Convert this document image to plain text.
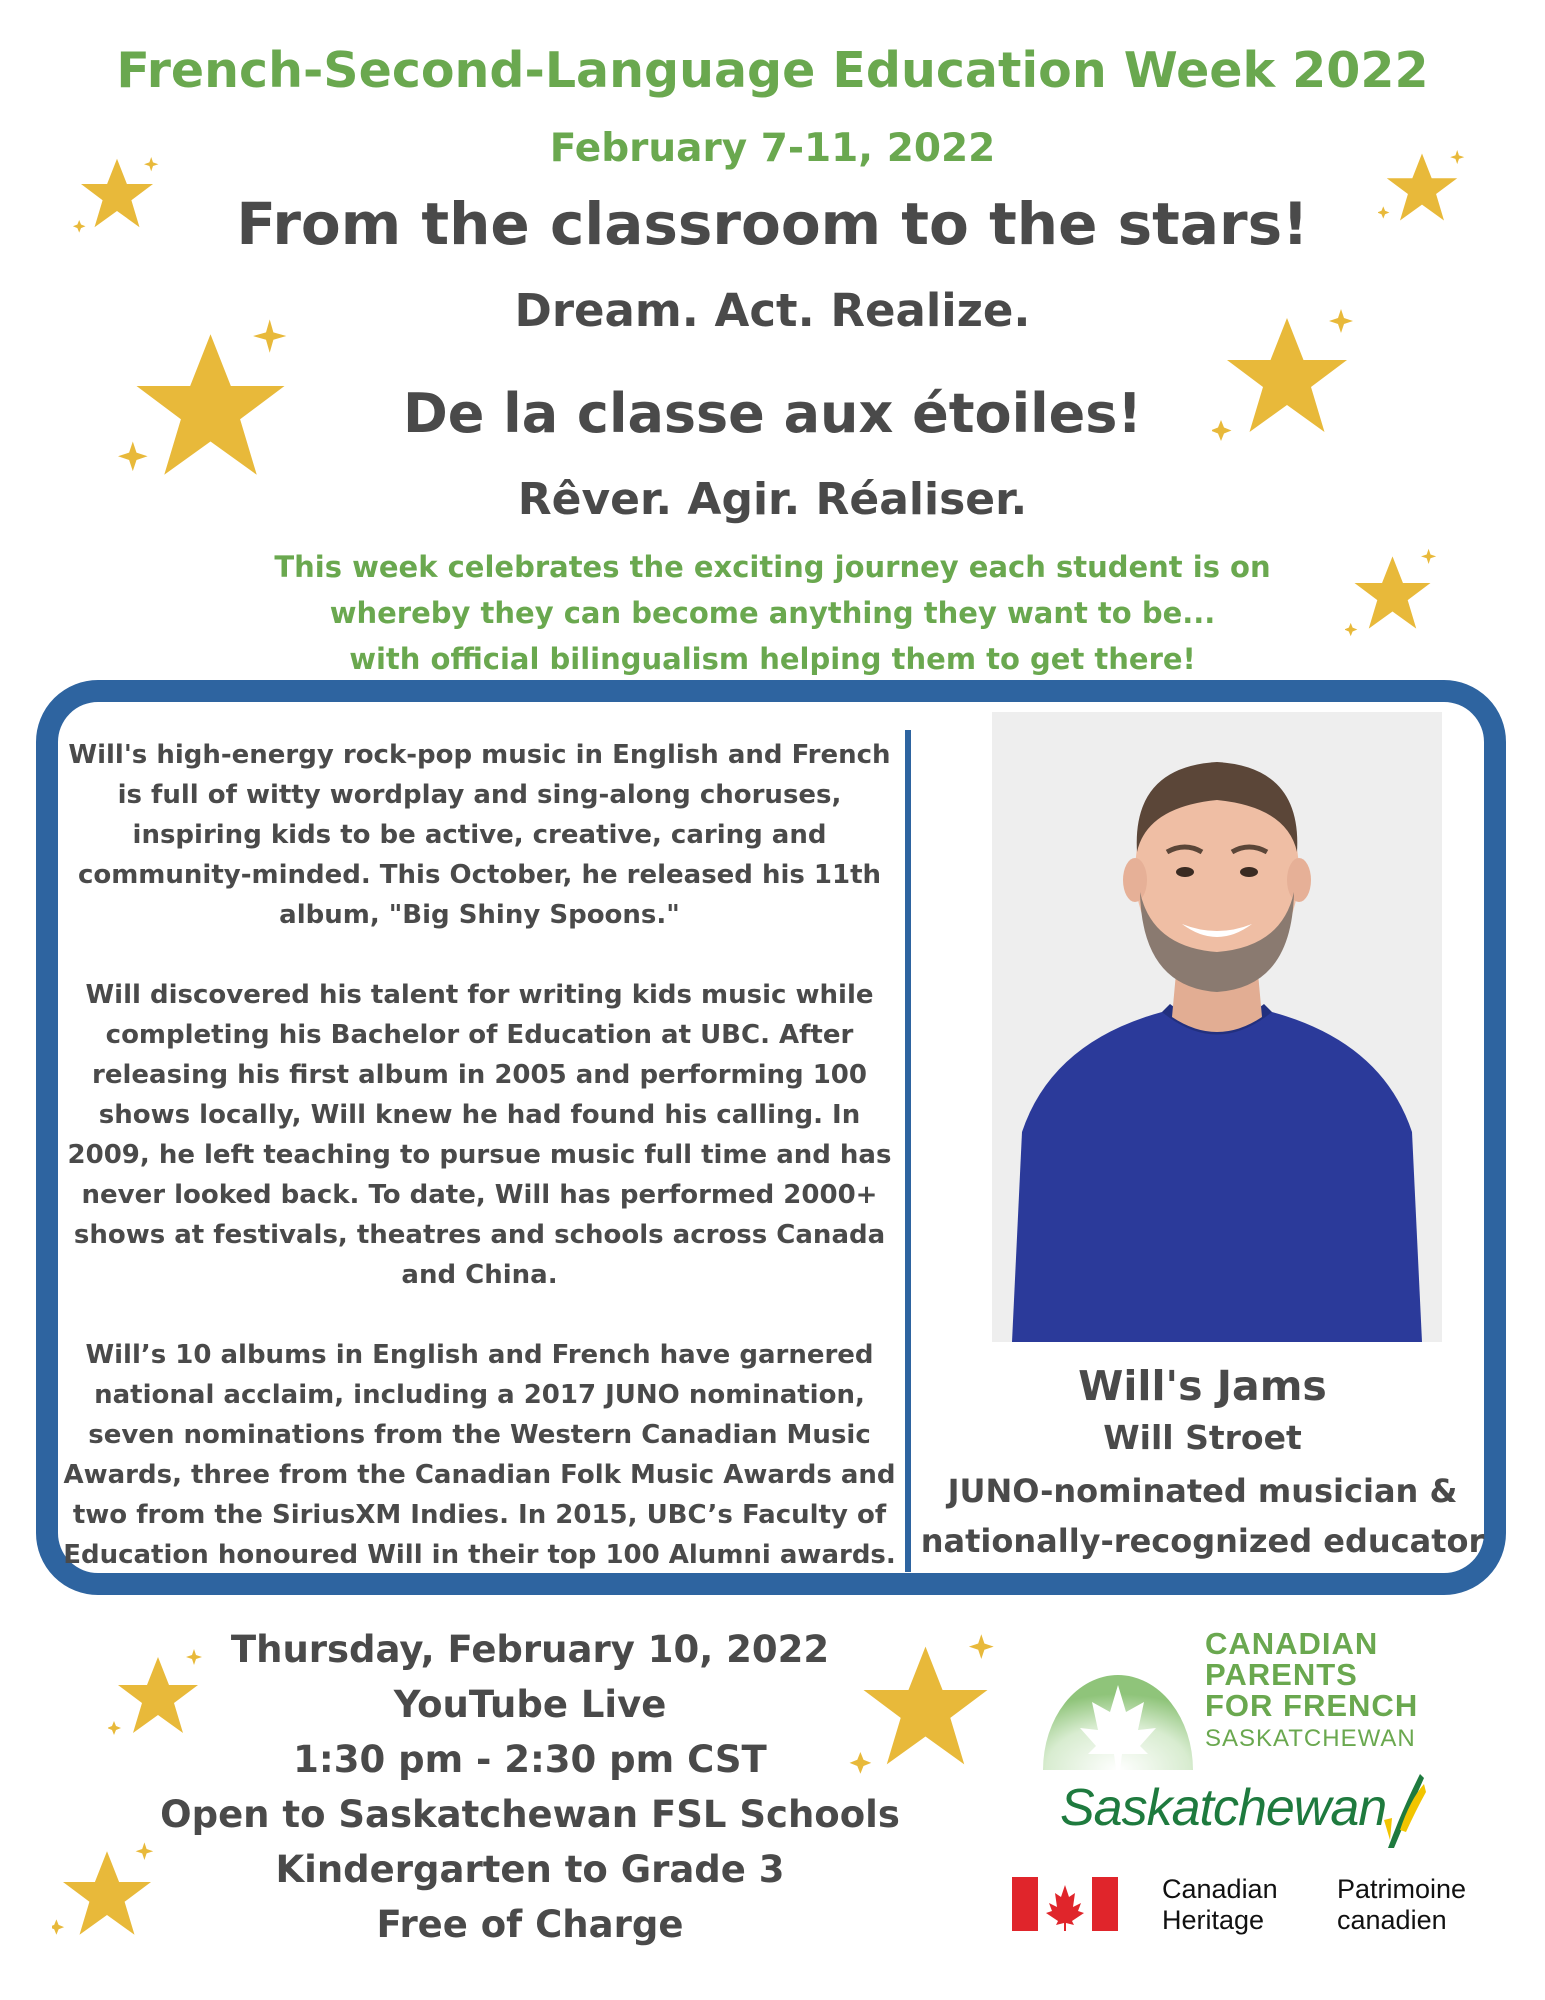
French-Second-Language Education Week 2022
February 7-11, 2022
From the classroom to the stars!
Dream. Act. Realize.
De la classe aux étoiles!
Rêver. Agir. Réaliser.
This week celebrates the exciting journey each student is on
whereby they can become anything they want to be...
with official bilingualism helping them to get there!

Will's high-energy rock-pop music in English and French is full of witty wordplay and sing-along choruses, inspiring kids to be active, creative, caring and community-minded. This October, he released his 11th album, "Big Shiny Spoons."

Will discovered his talent for writing kids music while completing his Bachelor of Education at UBC. After releasing his first album in 2005 and performing 100 shows locally, Will knew he had found his calling. In 2009, he left teaching to pursue music full time and has never looked back. To date, Will has performed 2000+ shows at festivals, theatres and schools across Canada and China.

Will’s 10 albums in English and French have garnered national acclaim, including a 2017 JUNO nomination, seven nominations from the Western Canadian Music Awards, three from the Canadian Folk Music Awards and two from the SiriusXM Indies. In 2015, UBC’s Faculty of Education honoured Will in their top 100 Alumni awards.

Will's Jams
Will Stroet
JUNO-nominated musician &
nationally-recognized educator
Thursday, February 10, 2022
YouTube Live
1:30 pm - 2:30 pm CST
Open to Saskatchewan FSL Schools
Kindergarten to Grade 3
Free of Charge
CANADIAN
PARENTS
FOR FRENCH
SASKATCHEWAN
Saskatchewan
Canadian
Heritage
Patrimoine
canadien
